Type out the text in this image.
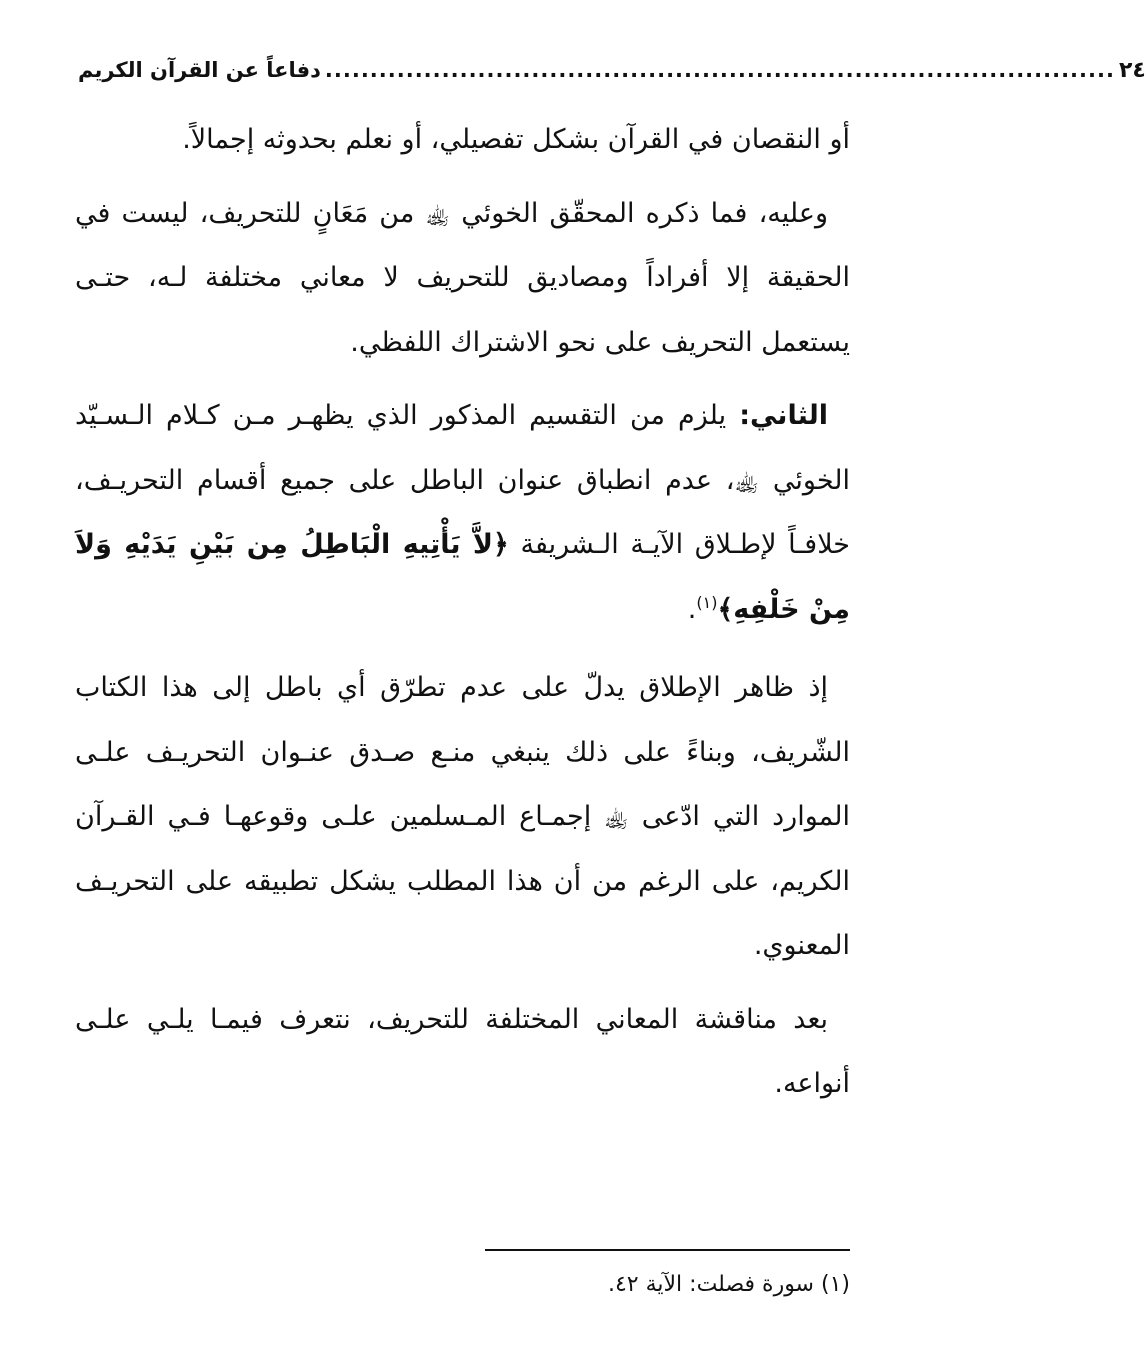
دفاعاً عن القرآن الكريم ........................................................................................ ٢٤

أو النقصان في القرآن بشكل تفصيلي، أو نعلم بحدوثه إجمالاً.

وعليه، فما ذكره المحقّق الخوئي ﵀ من مَعَانٍ للتحريف، ليست في الحقيقة إلا أفراداً ومصاديق للتحريف لا معاني مختلفة لـه، حتـى يستعمل التحريف على نحو الاشتراك اللفظي.

الثاني: يلزم من التقسيم المذكور الذي يظهـر مـن كـلام الـسـيّد الخوئي ﵀، عدم انطباق عنوان الباطل على جميع أقسام التحريـف، خلافـاً لإطـلاق الآيـة الـشريفة ﴿لاَّ يَأْتِيهِ الْبَاطِلُ مِن بَيْنِ يَدَيْهِ وَلاَ مِنْ خَلْفِهِ﴾$^{(١)}$.

إذ ظاهر الإطلاق يدلّ على عدم تطرّق أي باطل إلى هذا الكتاب الشّريف، وبناءً على ذلك ينبغي منـع صـدق عنـوان التحريـف علـى الموارد التي ادّعى ﵀ إجمـاع المـسلمين علـى وقوعهـا فـي القـرآن الكريم، على الرغم من أن هذا المطلب يشكل تطبيقه على التحريـف المعنوي.

بعد مناقشة المعاني المختلفة للتحريف، نتعرف فيمـا يلـي علـى أنواعه.

(١) سورة فصلت: الآية ٤٢.
